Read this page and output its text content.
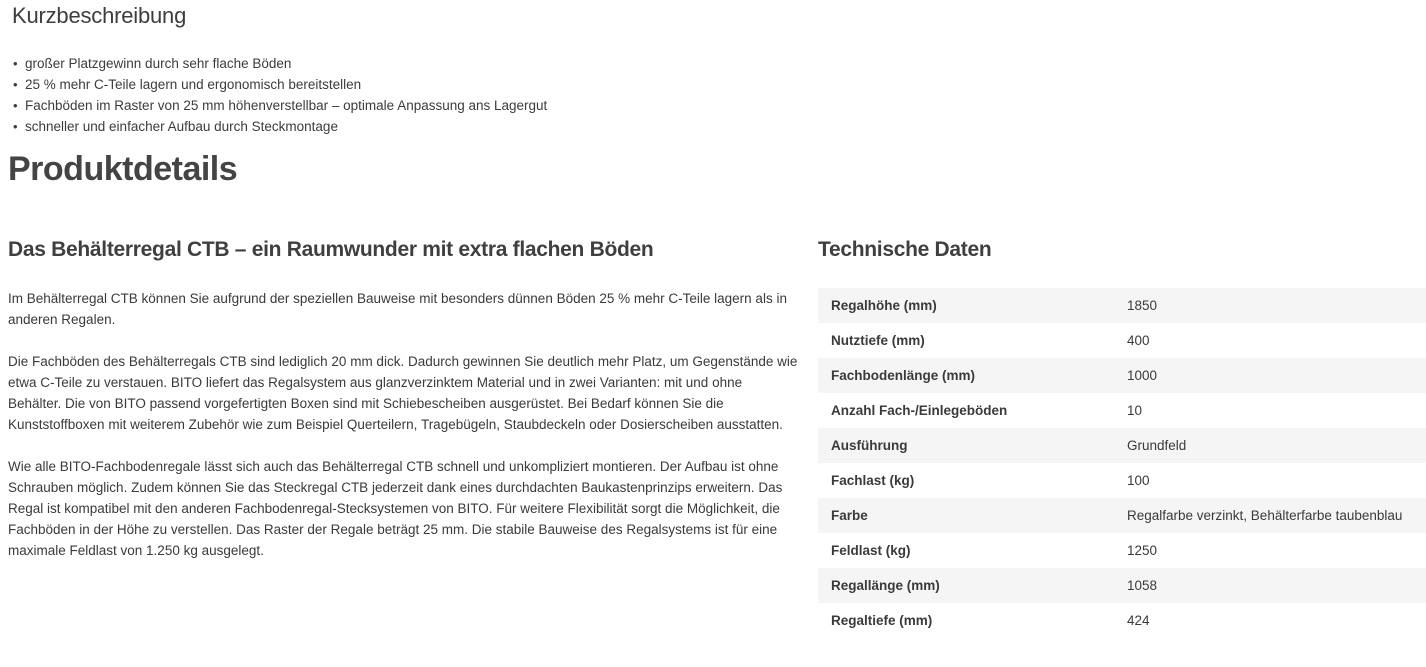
Kurzbeschreibung
• großer Platzgewinn durch sehr flache Böden
• 25 % mehr C-Teile lagern und ergonomisch bereitstellen
• Fachböden im Raster von 25 mm höhenverstellbar – optimale Anpassung ans Lagergut
• schneller und einfacher Aufbau durch Steckmontage
Produktdetails
Das Behälterregal CTB – ein Raumwunder mit extra flachen Böden

Im Behälterregal CTB können Sie aufgrund der speziellen Bauweise mit besonders dünnen Böden 25 % mehr C-Teile lagern als in anderen Regalen.

Die Fachböden des Behälterregals CTB sind lediglich 20 mm dick. Dadurch gewinnen Sie deutlich mehr Platz, um Gegenstände wie etwa C-Teile zu verstauen. BITO liefert das Regalsystem aus glanzverzinktem Material und in zwei Varianten: mit und ohne Behälter. Die von BITO passend vorgefertigten Boxen sind mit Schiebescheiben ausgerüstet. Bei Bedarf können Sie die Kunststoffboxen mit weiterem Zubehör wie zum Beispiel Querteilern, Tragebügeln, Staubdeckeln oder Dosierscheiben ausstatten.

Wie alle BITO-Fachbodenregale lässt sich auch das Behälterregal CTB schnell und unkompliziert montieren. Der Aufbau ist ohne Schrauben möglich. Zudem können Sie das Steckregal CTB jederzeit dank eines durchdachten Baukastenprinzips erweitern. Das Regal ist kompatibel mit den anderen Fachbodenregal-Stecksystemen von BITO. Für weitere Flexibilität sorgt die Möglichkeit, die Fachböden in der Höhe zu verstellen. Das Raster der Regale beträgt 25 mm. Die stabile Bauweise des Regalsystems ist für eine maximale Feldlast von 1.250 kg ausgelegt.

Technische Daten
Regalhöhe (mm)	1850
Nutztiefe (mm)	400
Fachbodenlänge (mm)	1000
Anzahl Fach-/Einlegeböden	10
Ausführung	Grundfeld
Fachlast (kg)	100
Farbe	Regalfarbe verzinkt, Behälterfarbe taubenblau
Feldlast (kg)	1250
Regallänge (mm)	1058
Regaltiefe (mm)	424
